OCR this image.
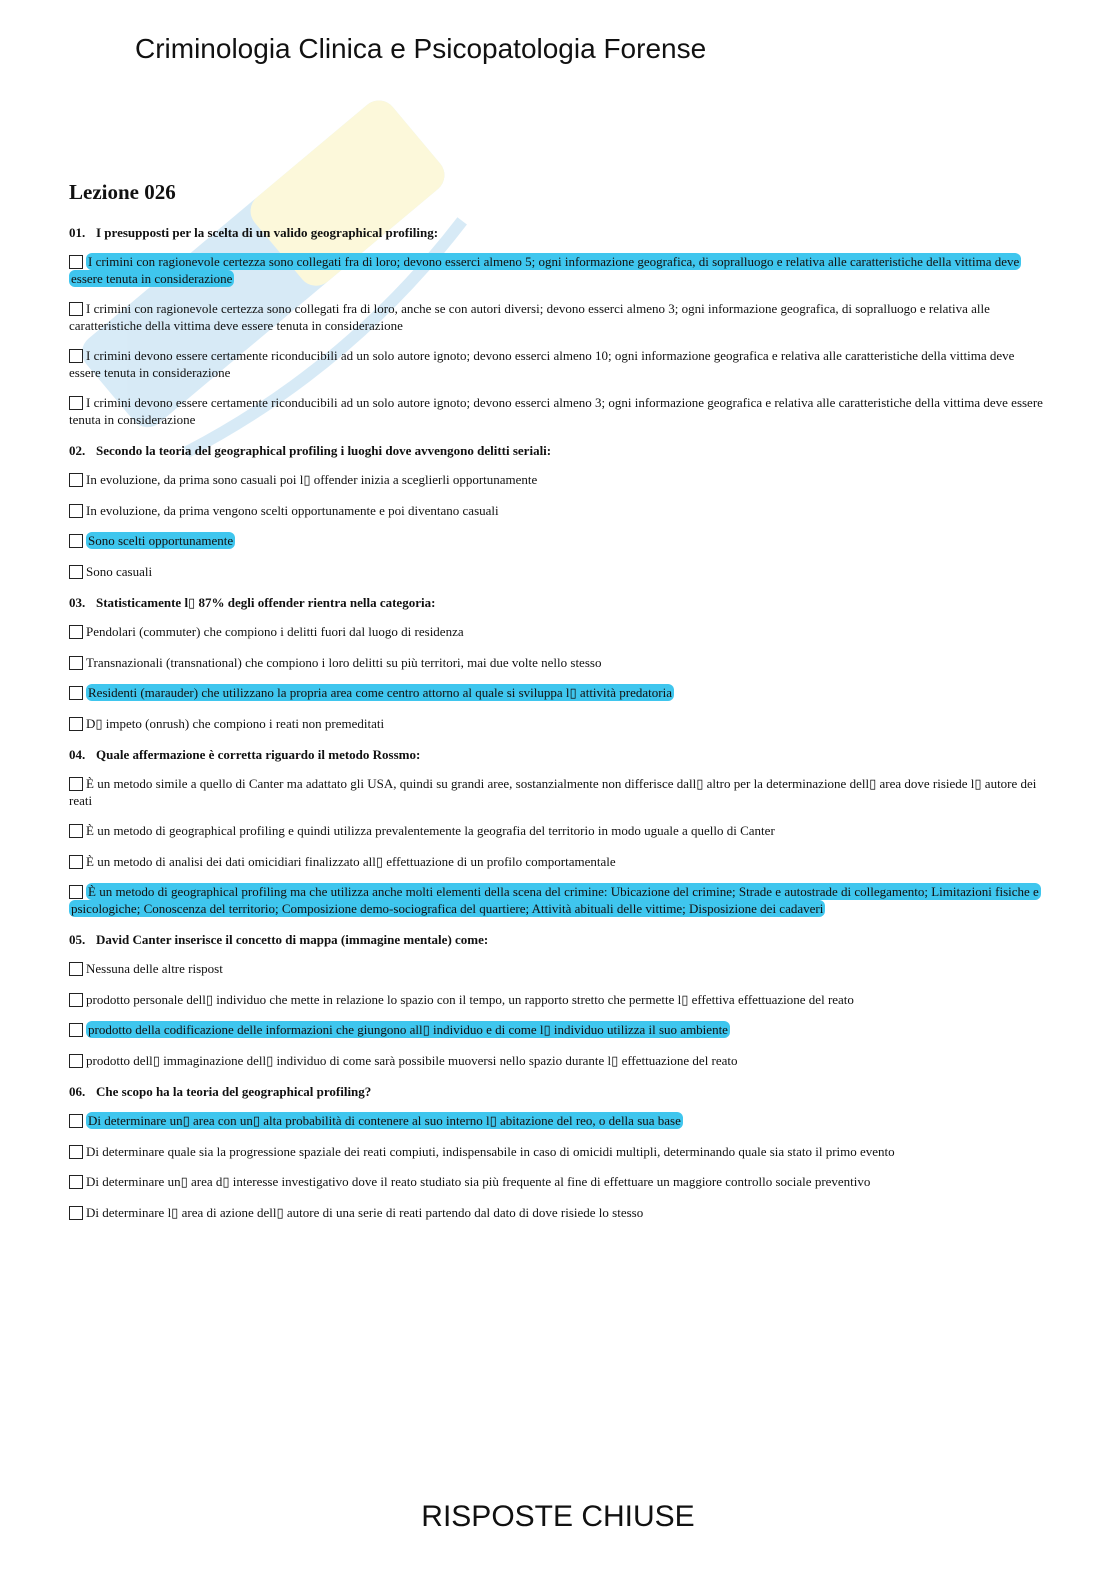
Criminologia Clinica e Psicopatologia Forense
Lezione 026
01. I presupposti per la scelta di un valido geographical profiling:
I crimini con ragionevole certezza sono collegati fra di loro; devono esserci almeno 5; ogni informazione geografica, di sopralluogo e relativa alle caratteristiche della vittima deve essere tenuta in considerazione
I crimini con ragionevole certezza sono collegati fra di loro, anche se con autori diversi; devono esserci almeno 3; ogni informazione geografica, di sopralluogo e relativa alle caratteristiche della vittima deve essere tenuta in considerazione
I crimini devono essere certamente riconducibili ad un solo autore ignoto; devono esserci almeno 10; ogni informazione geografica e relativa alle caratteristiche della vittima deve essere tenuta in considerazione
I crimini devono essere certamente riconducibili ad un solo autore ignoto; devono esserci almeno 3; ogni informazione geografica e relativa alle caratteristiche della vittima deve essere tenuta in considerazione
02. Secondo la teoria del geographical profiling i luoghi dove avvengono delitti seriali:
In evoluzione, da prima sono casuali poi l▯ offender inizia a sceglierli opportunamente
In evoluzione, da prima vengono scelti opportunamente e poi diventano casuali
Sono scelti opportunamente
Sono casuali
03. Statisticamente l▯ 87% degli offender rientra nella categoria:
Pendolari (commuter) che compiono i delitti fuori dal luogo di residenza
Transnazionali (transnational) che compiono i loro delitti su più territori, mai due volte nello stesso
Residenti (marauder) che utilizzano la propria area come centro attorno al quale si sviluppa l▯ attività predatoria
D▯ impeto (onrush) che compiono i reati non premeditati
04. Quale affermazione è corretta riguardo il metodo Rossmo:
È un metodo simile a quello di Canter ma adattato gli USA, quindi su grandi aree, sostanzialmente non differisce dall▯ altro per la determinazione dell▯ area dove risiede l▯ autore dei reati
È un metodo di geographical profiling e quindi utilizza prevalentemente la geografia del territorio in modo uguale a quello di Canter
È un metodo di analisi dei dati omicidiari finalizzato all▯ effettuazione di un profilo comportamentale
È un metodo di geographical profiling ma che utilizza anche molti elementi della scena del crimine: Ubicazione del crimine; Strade e autostrade di collegamento; Limitazioni fisiche e psicologiche; Conoscenza del territorio; Composizione demo-sociografica del quartiere; Attività abituali delle vittime; Disposizione dei cadaveri
05. David Canter inserisce il concetto di mappa (immagine mentale) come:
Nessuna delle altre rispost
prodotto personale dell▯ individuo che mette in relazione lo spazio con il tempo, un rapporto stretto che permette l▯ effettiva effettuazione del reato
prodotto della codificazione delle informazioni che giungono all▯ individuo e di come l▯ individuo utilizza il suo ambiente
prodotto dell▯ immaginazione dell▯ individuo di come sarà possibile muoversi nello spazio durante l▯ effettuazione del reato
06. Che scopo ha la teoria del geographical profiling?
Di determinare un▯ area con un▯ alta probabilità di contenere al suo interno l▯ abitazione del reo, o della sua base
Di determinare quale sia la progressione spaziale dei reati compiuti, indispensabile in caso di omicidi multipli, determinando quale sia stato il primo evento
Di determinare un▯ area d▯ interesse investigativo dove il reato studiato sia più frequente al fine di effettuare un maggiore controllo sociale preventivo
Di determinare l▯ area di azione dell▯ autore di una serie di reati partendo dal dato di dove risiede lo stesso
RISPOSTE CHIUSE
